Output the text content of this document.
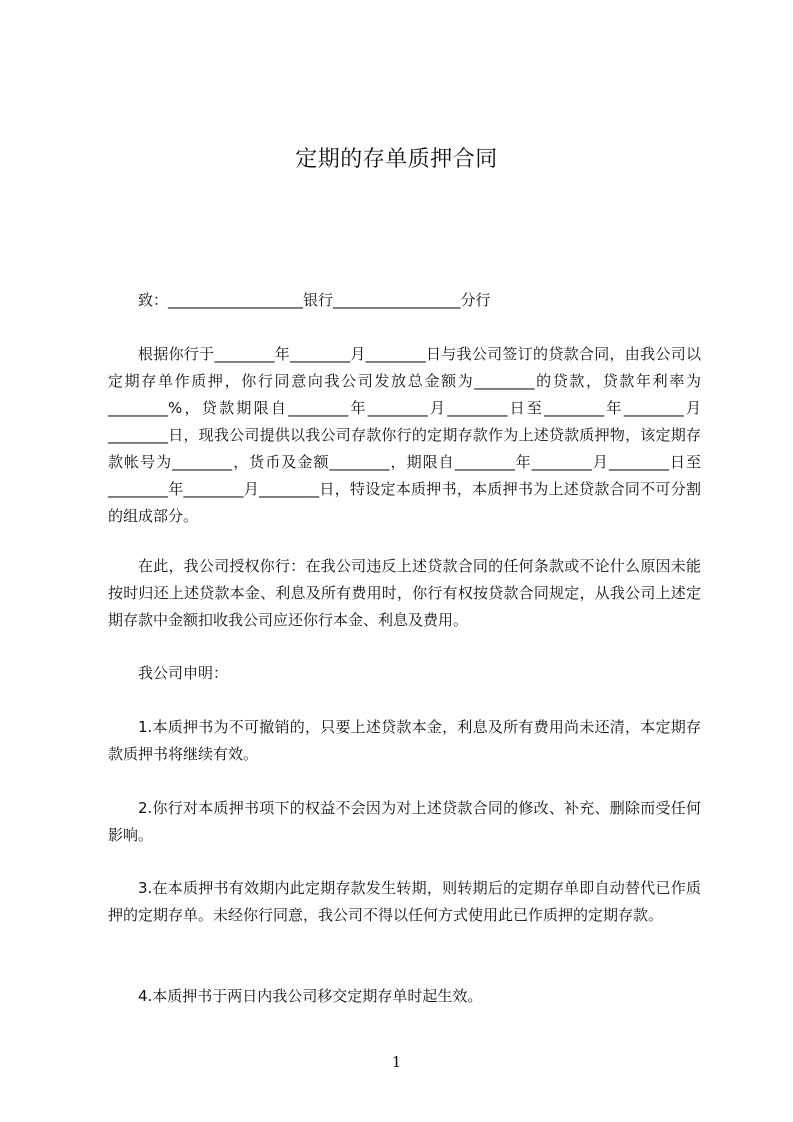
定期的存单质押合同

致：__________________银行_________________分行

根据你行于________年________月________日与我公司签订的贷款合同，由我公司以定期存单作质押，你行同意向我公司发放总金额为________的贷款，贷款年利率为________%，贷款期限自________年________月________日至________年________月________日，现我公司提供以我公司存款你行的定期存款作为上述贷款质押物，该定期存款帐号为________，货币及金额________，期限自________年________月________日至________年________月________日，特设定本质押书，本质押书为上述贷款合同不可分割的组成部分。

在此，我公司授权你行：在我公司违反上述贷款合同的任何条款或不论什么原因未能按时归还上述贷款本金、利息及所有费用时，你行有权按贷款合同规定，从我公司上述定期存款中金额扣收我公司应还你行本金、利息及费用。

我公司申明：

1.本质押书为不可撤销的，只要上述贷款本金，利息及所有费用尚未还清，本定期存款质押书将继续有效。

2.你行对本质押书项下的权益不会因为对上述贷款合同的修改、补充、删除而受任何影响。

3.在本质押书有效期内此定期存款发生转期，则转期后的定期存单即自动替代已作质押的定期存单。未经你行同意，我公司不得以任何方式使用此已作质押的定期存款。

4.本质押书于两日内我公司移交定期存单时起生效。

1
